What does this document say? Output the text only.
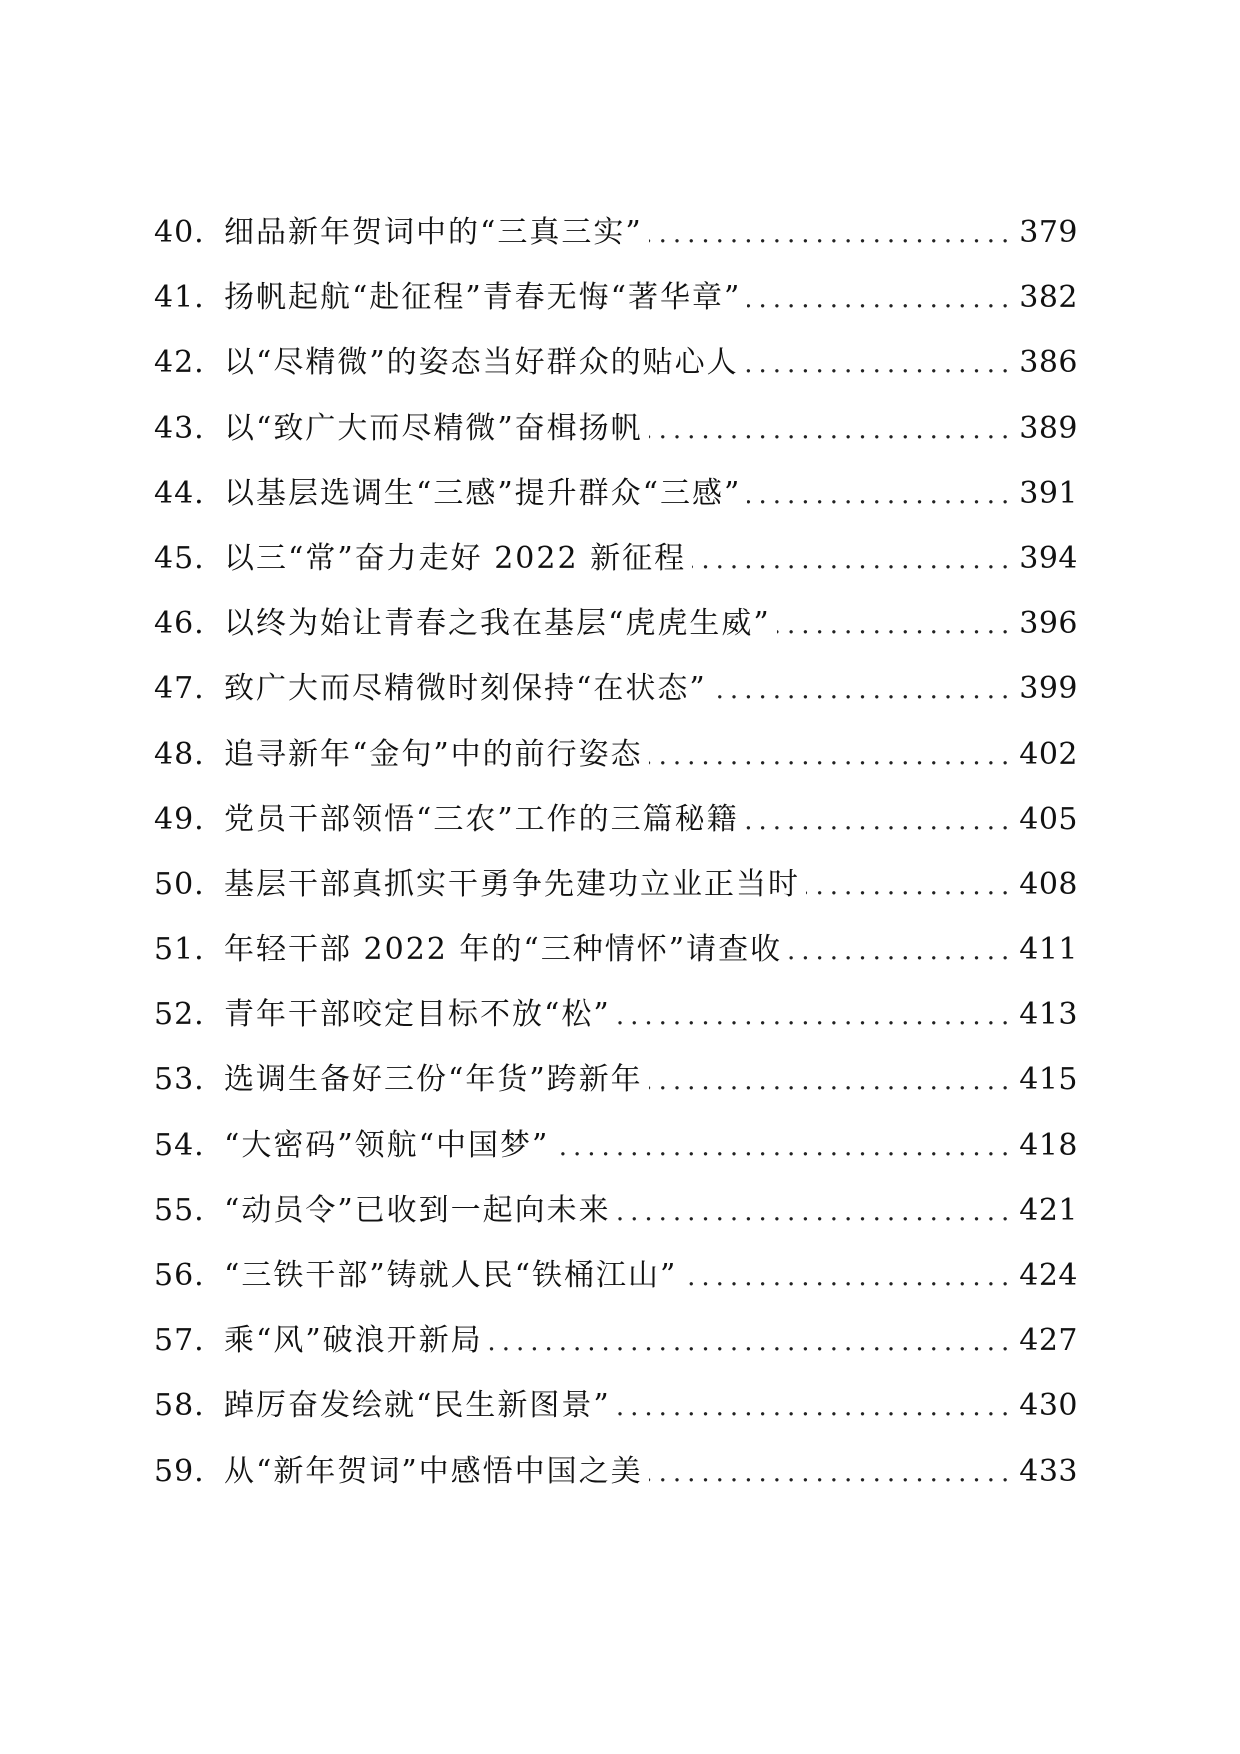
40. 细品新年贺词中的“三真三实” .....	379
41. 扬帆起航“赴征程”青春无悔“著华章” .....	382
42. 以“尽精微”的姿态当好群众的贴心人 .....	386
43. 以“致广大而尽精微”奋楫扬帆 .....	389
44. 以基层选调生“三感”提升群众“三感” .....	391
45. 以三“常”奋力走好 2022 新征程 .....	394
46. 以终为始让青春之我在基层“虎虎生威” .....	396
47. 致广大而尽精微时刻保持“在状态” .....	399
48. 追寻新年“金句”中的前行姿态 .....	402
49. 党员干部领悟“三农”工作的三篇秘籍 .....	405
50. 基层干部真抓实干勇争先建功立业正当时 .....	408
51. 年轻干部 2022 年的“三种情怀”请查收 .....	411
52. 青年干部咬定目标不放“松” .....	413
53. 选调生备好三份“年货”跨新年 .....	415
54. “大密码”领航“中国梦” .....	418
55. “动员令”已收到一起向未来 .....	421
56. “三铁干部”铸就人民“铁桶江山” .....	424
57. 乘“风”破浪开新局 .....	427
58. 踔厉奋发绘就“民生新图景” .....	430
59. 从“新年贺词”中感悟中国之美 .....	433
